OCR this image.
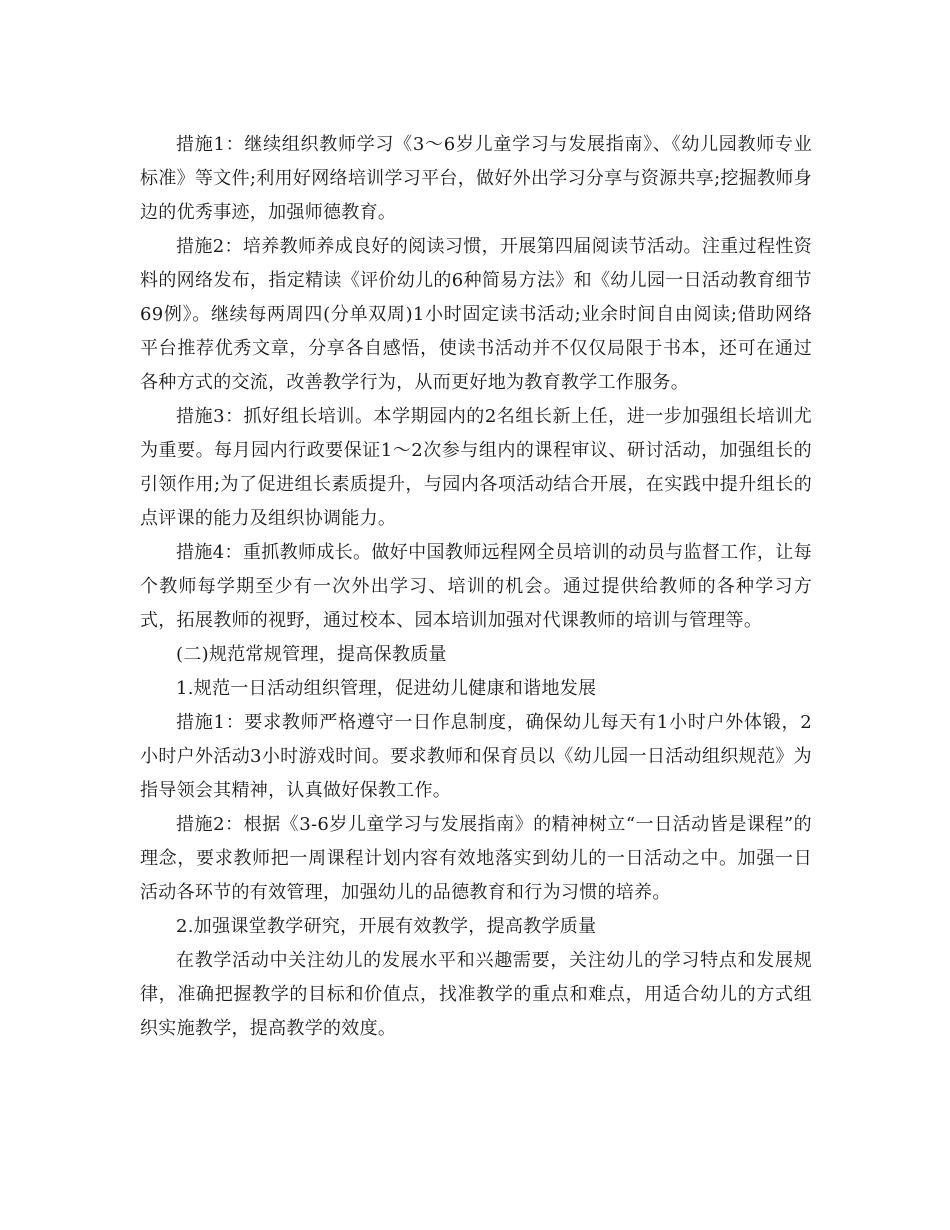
措施1：继续组织教师学习《3～6岁儿童学习与发展指南》、《幼儿园教师专业标准》等文件;利用好网络培训学习平台，做好外出学习分享与资源共享;挖掘教师身边的优秀事迹，加强师德教育。

措施2：培养教师养成良好的阅读习惯，开展第四届阅读节活动。注重过程性资料的网络发布，指定精读《评价幼儿的6种简易方法》和《幼儿园一日活动教育细节69例》。继续每两周四(分单双周)1小时固定读书活动;业余时间自由阅读;借助网络平台推荐优秀文章，分享各自感悟，使读书活动并不仅仅局限于书本，还可在通过各种方式的交流，改善教学行为，从而更好地为教育教学工作服务。

措施3：抓好组长培训。本学期园内的2名组长新上任，进一步加强组长培训尤为重要。每月园内行政要保证1～2次参与组内的课程审议、研讨活动，加强组长的引领作用;为了促进组长素质提升，与园内各项活动结合开展，在实践中提升组长的点评课的能力及组织协调能力。

措施4：重抓教师成长。做好中国教师远程网全员培训的动员与监督工作，让每个教师每学期至少有一次外出学习、培训的机会。通过提供给教师的各种学习方式，拓展教师的视野，通过校本、园本培训加强对代课教师的培训与管理等。

(二)规范常规管理，提高保教质量

1.规范一日活动组织管理，促进幼儿健康和谐地发展

措施1：要求教师严格遵守一日作息制度，确保幼儿每天有1小时户外体锻，2小时户外活动3小时游戏时间。要求教师和保育员以《幼儿园一日活动组织规范》为指导领会其精神，认真做好保教工作。

措施2：根据《3-6岁儿童学习与发展指南》的精神树立“一日活动皆是课程”的理念，要求教师把一周课程计划内容有效地落实到幼儿的一日活动之中。加强一日活动各环节的有效管理，加强幼儿的品德教育和行为习惯的培养。

2.加强课堂教学研究，开展有效教学，提高教学质量

在教学活动中关注幼儿的发展水平和兴趣需要，关注幼儿的学习特点和发展规律，准确把握教学的目标和价值点，找准教学的重点和难点，用适合幼儿的方式组织实施教学，提高教学的效度。
